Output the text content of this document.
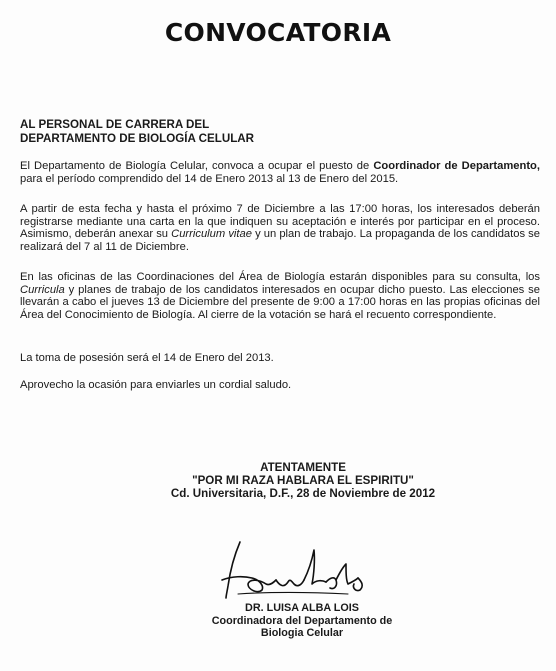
CONVOCATORIA
AL PERSONAL DE CARRERA DEL
DEPARTAMENTO DE BIOLOGÍA CELULAR

El Departamento de Biología Celular, convoca a ocupar el puesto de Coordinador de Departamento, para el período comprendido del 14 de Enero 2013 al 13 de Enero del 2015.

A partir de esta fecha y hasta el próximo 7 de Diciembre a las 17:00 horas, los interesados deberán registrarse mediante una carta en la que indiquen su aceptación e interés por participar en el proceso. Asimismo, deberán anexar su Curriculum vitae y un plan de trabajo. La propaganda de los candidatos se realizará del 7 al 11 de Diciembre.

En las oficinas de las Coordinaciones del Área de Biología estarán disponibles para su consulta, los Curricula y planes de trabajo de los candidatos interesados en ocupar dicho puesto. Las elecciones se llevarán a cabo el jueves 13 de Diciembre del presente de 9:00 a 17:00 horas en las propias oficinas del Área del Conocimiento de Biología. Al cierre de la votación se hará el recuento correspondiente.

La toma de posesión será el 14 de Enero del 2013.

Aprovecho la ocasión para enviarles un cordial saludo.

ATENTAMENTE
"POR MI RAZA HABLARA EL ESPIRITU"
Cd. Universitaria, D.F., 28 de Noviembre de 2012
DR. LUISA ALBA LOIS
Coordinadora del Departamento de
Biologia Celular
